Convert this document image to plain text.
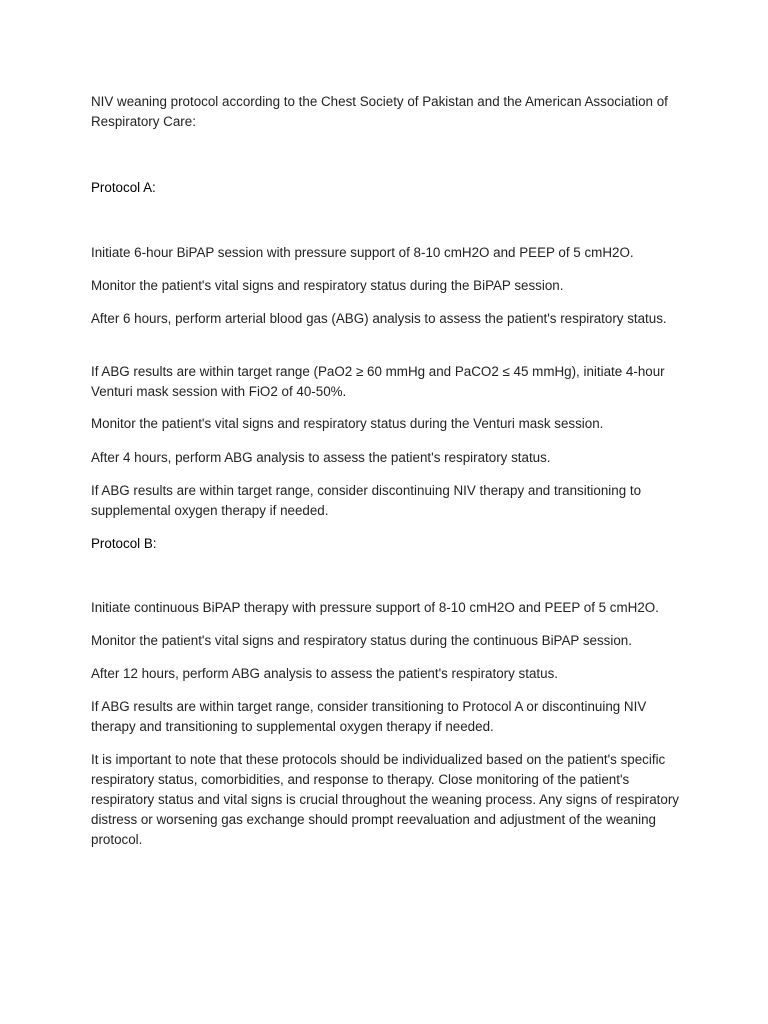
NIV weaning protocol according to the Chest Society of Pakistan and the American Association of Respiratory Care:

Protocol A:

Initiate 6-hour BiPAP session with pressure support of 8-10 cmH2O and PEEP of 5 cmH2O.

Monitor the patient's vital signs and respiratory status during the BiPAP session.

After 6 hours, perform arterial blood gas (ABG) analysis to assess the patient's respiratory status.

If ABG results are within target range (PaO2 ≥ 60 mmHg and PaCO2 ≤ 45 mmHg), initiate 4-hour Venturi mask session with FiO2 of 40-50%.

Monitor the patient's vital signs and respiratory status during the Venturi mask session.

After 4 hours, perform ABG analysis to assess the patient's respiratory status.

If ABG results are within target range, consider discontinuing NIV therapy and transitioning to supplemental oxygen therapy if needed.

Protocol B:

Initiate continuous BiPAP therapy with pressure support of 8-10 cmH2O and PEEP of 5 cmH2O.

Monitor the patient's vital signs and respiratory status during the continuous BiPAP session.

After 12 hours, perform ABG analysis to assess the patient's respiratory status.

If ABG results are within target range, consider transitioning to Protocol A or discontinuing NIV therapy and transitioning to supplemental oxygen therapy if needed.

It is important to note that these protocols should be individualized based on the patient's specific respiratory status, comorbidities, and response to therapy. Close monitoring of the patient's respiratory status and vital signs is crucial throughout the weaning process. Any signs of respiratory distress or worsening gas exchange should prompt reevaluation and adjustment of the weaning protocol.
